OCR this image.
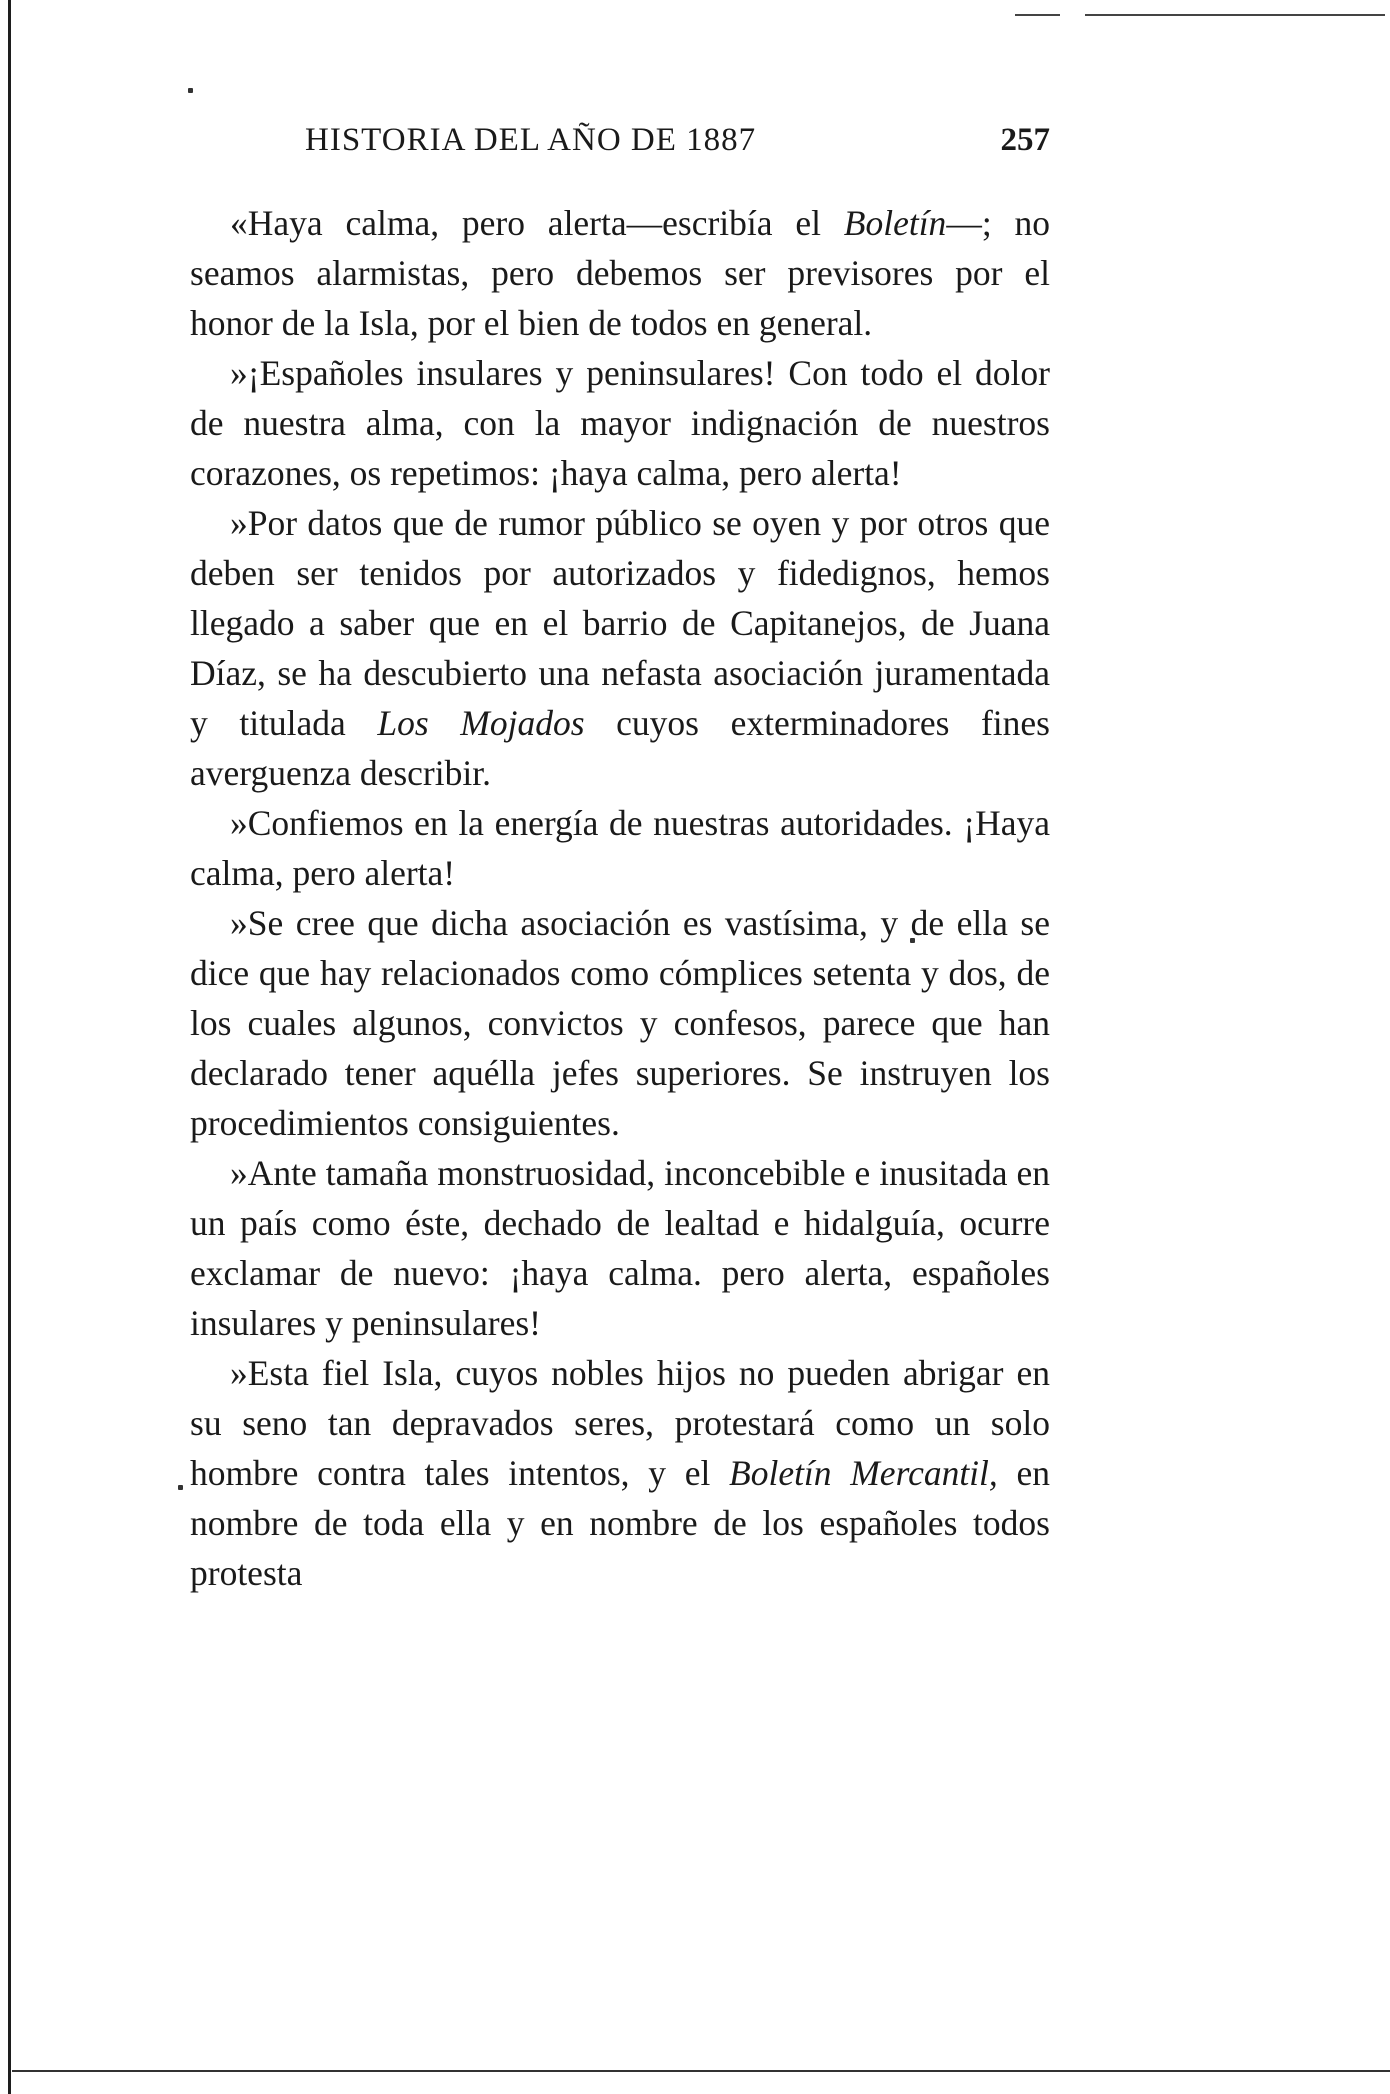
HISTORIA DEL AÑO DE 1887	257

«Haya calma, pero alerta—escribía el Boletín—; no seamos alarmistas, pero debemos ser previsores por el honor de la Isla, por el bien de todos en general.

»¡Españoles insulares y peninsulares! Con todo el dolor de nuestra alma, con la mayor indignación de nuestros corazones, os repetimos: ¡haya calma, pero alerta!

»Por datos que de rumor público se oyen y por otros que deben ser tenidos por autorizados y fidedignos, hemos llegado a saber que en el barrio de Capitanejos, de Juana Díaz, se ha descubierto una nefasta asociación juramentada y titulada Los Mojados cuyos exterminadores fines averguenza describir.

»Confiemos en la energía de nuestras autoridades. ¡Haya calma, pero alerta!

»Se cree que dicha asociación es vastísima, y de ella se dice que hay relacionados como cómplices setenta y dos, de los cuales algunos, convictos y confesos, parece que han declarado tener aquélla jefes superiores. Se instruyen los procedimientos consiguientes.

»Ante tamaña monstruosidad, inconcebible e inusitada en un país como éste, dechado de lealtad e hidalguía, ocurre exclamar de nuevo: ¡haya calma. pero alerta, españoles insulares y peninsulares!

»Esta fiel Isla, cuyos nobles hijos no pueden abrigar en su seno tan depravados seres, protestará como un solo hombre contra tales intentos, y el Boletín Mercantil, en nombre de toda ella y en nombre de los españoles todos protesta
